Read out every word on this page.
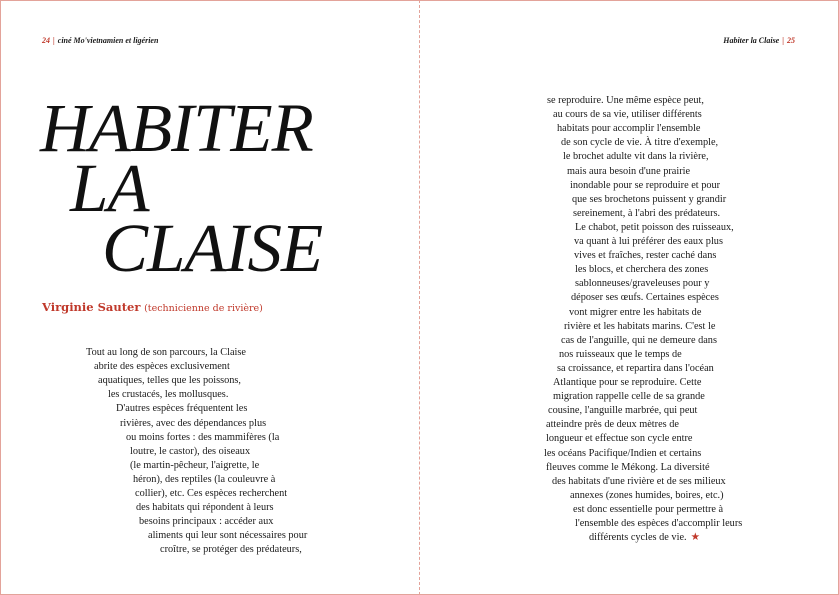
24 | ciné Mo'vietnamien et ligérien	Habiter la Claise | 25
HABITER
LA
CLAISE
Virginie Sauter (technicienne de rivière)
Tout au long de son parcours, la Claise
abrite des espèces exclusivement
aquatiques, telles que les poissons,
les crustacés, les mollusques.
D'autres espèces fréquentent les
rivières, avec des dépendances plus
ou moins fortes : des mammifères (la
loutre, le castor), des oiseaux
(le martin-pêcheur, l'aigrette, le
héron), des reptiles (la couleuvre à
collier), etc. Ces espèces recherchent
des habitats qui répondent à leurs
besoins principaux : accéder aux
aliments qui leur sont nécessaires pour
croître, se protéger des prédateurs,
se reproduire. Une même espèce peut,
au cours de sa vie, utiliser différents
habitats pour accomplir l'ensemble
de son cycle de vie. À titre d'exemple,
le brochet adulte vit dans la rivière,
mais aura besoin d'une prairie
inondable pour se reproduire et pour
que ses brochetons puissent y grandir
sereinement, à l'abri des prédateurs.
Le chabot, petit poisson des ruisseaux,
va quant à lui préférer des eaux plus
vives et fraîches, rester caché dans
les blocs, et cherchera des zones
sablonneuses/graveleuses pour y
déposer ses œufs. Certaines espèces
vont migrer entre les habitats de
rivière et les habitats marins. C'est le
cas de l'anguille, qui ne demeure dans
nos ruisseaux que le temps de
sa croissance, et repartira dans l'océan
Atlantique pour se reproduire. Cette
migration rappelle celle de sa grande
cousine, l'anguille marbrée, qui peut
atteindre près de deux mètres de
longueur et effectue son cycle entre
les océans Pacifique/Indien et certains
fleuves comme le Mékong. La diversité
des habitats d'une rivière et de ses milieux
annexes (zones humides, boires, etc.)
est donc essentielle pour permettre à
l'ensemble des espèces d'accomplir leurs
différents cycles de vie. ★
